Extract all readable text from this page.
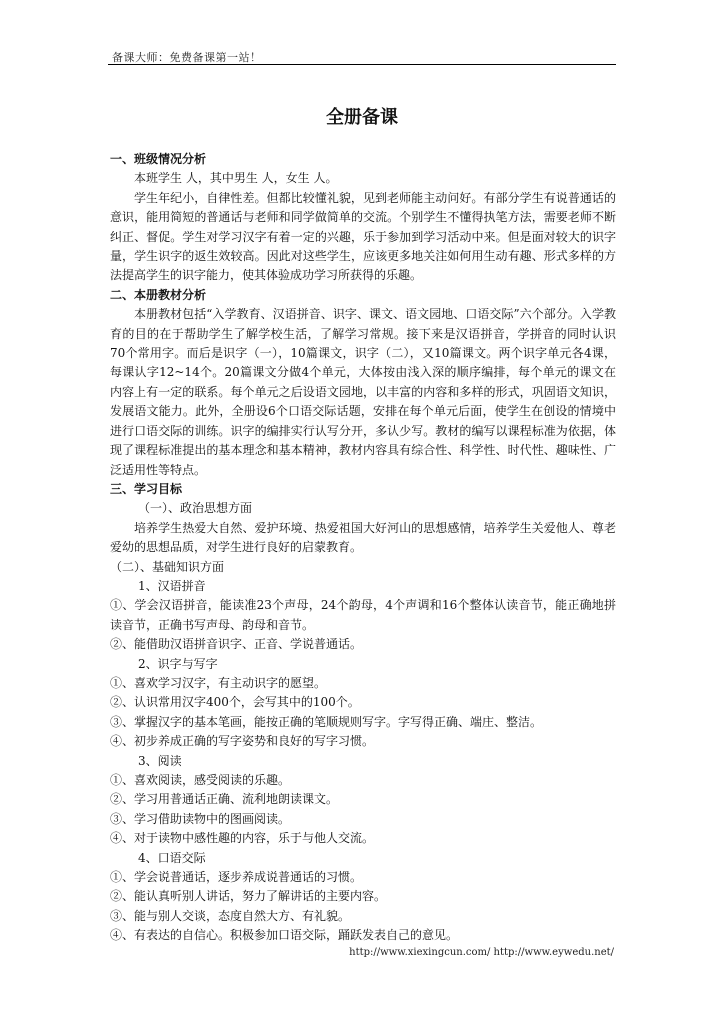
备课大师：免费备课第一站！
全册备课

一、班级情况分析

本班学生 人，其中男生 人，女生 人。

学生年纪小，自律性差。但都比较懂礼貌，见到老师能主动问好。有部分学生有说普通话的意识，能用简短的普通话与老师和同学做简单的交流。个别学生不懂得执笔方法，需要老师不断纠正、督促。学生对学习汉字有着一定的兴趣，乐于参加到学习活动中来。但是面对较大的识字量，学生识字的返生效较高。因此对这些学生，应该更多地关注如何用生动有趣、形式多样的方法提高学生的识字能力，使其体验成功学习所获得的乐趣。

二、本册教材分析

本册教材包括“入学教育、汉语拼音、识字、课文、语文园地、口语交际”六个部分。入学教育的目的在于帮助学生了解学校生活，了解学习常规。接下来是汉语拼音，学拼音的同时认识70个常用字。而后是识字（一），10篇课文，识字（二），又10篇课文。两个识字单元各4课，每课认字12~14个。20篇课文分做4个单元，大体按由浅入深的顺序编排，每个单元的课文在内容上有一定的联系。每个单元之后设语文园地，以丰富的内容和多样的形式，巩固语文知识，发展语文能力。此外，全册设6个口语交际话题，安排在每个单元后面，使学生在创设的情境中进行口语交际的训练。识字的编排实行认写分开，多认少写。教材的编写以课程标准为依据，体现了课程标准提出的基本理念和基本精神，教材内容具有综合性、科学性、时代性、趣味性、广泛适用性等特点。

三、学习目标

（一）、政治思想方面

培养学生热爱大自然、爱护环境、热爱祖国大好河山的思想感情，培养学生关爱他人、尊老爱幼的思想品质，对学生进行良好的启蒙教育。

（二）、基础知识方面

1、汉语拼音

①、学会汉语拼音，能读准23个声母，24个韵母，4个声调和16个整体认读音节，能正确地拼读音节，正确书写声母、韵母和音节。

②、能借助汉语拼音识字、正音、学说普通话。

2、识字与写字

①、喜欢学习汉字，有主动识字的愿望。

②、认识常用汉字400个，会写其中的100个。

③、掌握汉字的基本笔画，能按正确的笔顺规则写字。字写得正确、端庄、整洁。

④、初步养成正确的写字姿势和良好的写字习惯。

3、阅读

①、喜欢阅读，感受阅读的乐趣。

②、学习用普通话正确、流利地朗读课文。

③、学习借助读物中的图画阅读。

④、对于读物中感性趣的内容，乐于与他人交流。

4、口语交际

①、学会说普通话，逐步养成说普通话的习惯。

②、能认真听别人讲话，努力了解讲话的主要内容。

③、能与别人交谈，态度自然大方、有礼貌。

④、有表达的自信心。积极参加口语交际，踊跃发表自己的意见。

http://www.xiexingcun.com/ http://www.eywedu.net/
